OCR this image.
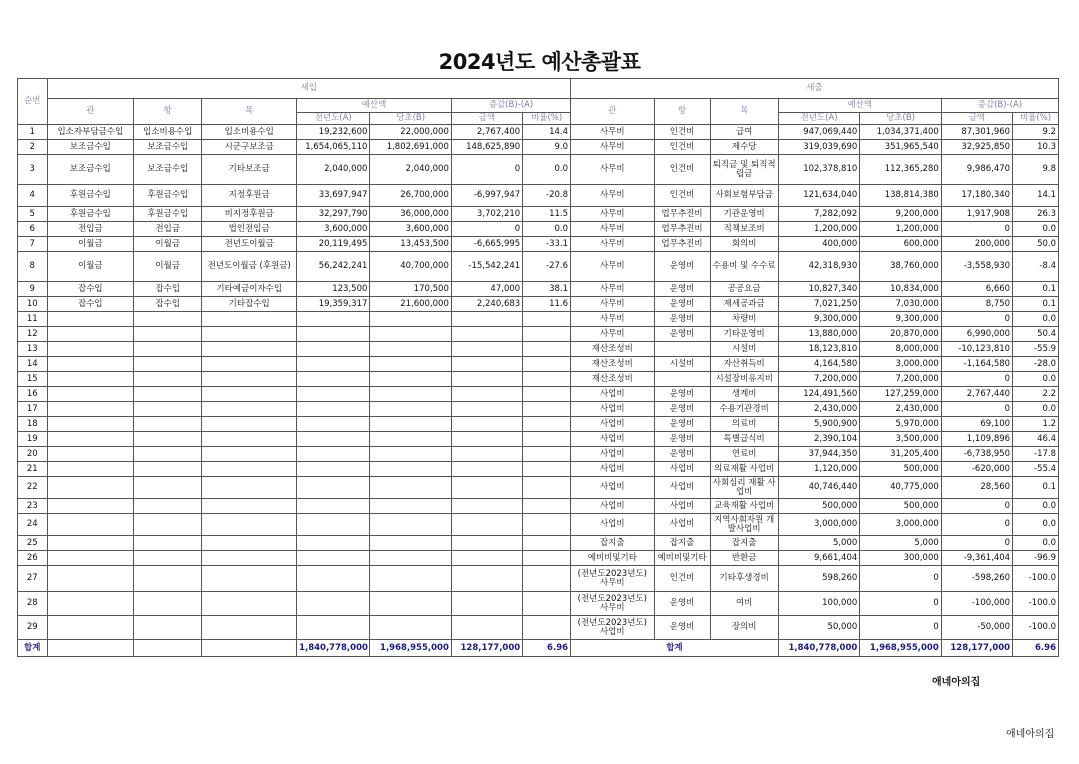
2024년도 예산총괄표
순번	세입							세출						
	관	항	목	예산액		증감(B)-(A)		관	항	목	예산액		증감(B)-(A)	
				전년도(A)	당초(B)	금액	비율(%)				전년도(A)	당초(B)	금액	비율(%)
1	입소자부담금수입	입소비용수입	입소비용수입	19,232,600	22,000,000	2,767,400	14.4	사무비	인건비	급여	947,069,440	1,034,371,400	87,301,960	9.2
2	보조금수입	보조금수입	시군구보조금	1,654,065,110	1,802,691,000	148,625,890	9.0	사무비	인건비	제수당	319,039,690	351,965,540	32,925,850	10.3
3	보조금수입	보조금수입	기타보조금	2,040,000	2,040,000	0	0.0	사무비	인건비	퇴직금 및 퇴직적립금	102,378,810	112,365,280	9,986,470	9.8
4	후원금수입	후원금수입	지정후원금	33,697,947	26,700,000	-6,997,947	-20.8	사무비	인건비	사회보험부담금	121,634,040	138,814,380	17,180,340	14.1
5	후원금수입	후원금수입	비지정후원금	32,297,790	36,000,000	3,702,210	11.5	사무비	업무추진비	기관운영비	7,282,092	9,200,000	1,917,908	26.3
6	전입금	전입금	법인전입금	3,600,000	3,600,000	0	0.0	사무비	업무추진비	직책보조비	1,200,000	1,200,000	0	0.0
7	이월금	이월금	전년도이월금	20,119,495	13,453,500	-6,665,995	-33.1	사무비	업무추진비	회의비	400,000	600,000	200,000	50.0
8	이월금	이월금	전년도이월금 (후원금)	56,242,241	40,700,000	-15,542,241	-27.6	사무비	운영비	수용비 및 수수료	42,318,930	38,760,000	-3,558,930	-8.4
9	잡수입	잡수입	기타예금이자수입	123,500	170,500	47,000	38.1	사무비	운영비	공공요금	10,827,340	10,834,000	6,660	0.1
10	잡수입	잡수입	기타잡수입	19,359,317	21,600,000	2,240,683	11.6	사무비	운영비	제세공과금	7,021,250	7,030,000	8,750	0.1
11								사무비	운영비	차량비	9,300,000	9,300,000	0	0.0
12								사무비	운영비	기타운영비	13,880,000	20,870,000	6,990,000	50.4
13								재산조성비		시설비	18,123,810	8,000,000	-10,123,810	-55.9
14								재산조성비	시설비	자산취득비	4,164,580	3,000,000	-1,164,580	-28.0
15								재산조성비		시설장비유지비	7,200,000	7,200,000	0	0.0
16								사업비	운영비	생계비	124,491,560	127,259,000	2,767,440	2.2
17								사업비	운영비	수용기관경비	2,430,000	2,430,000	0	0.0
18								사업비	운영비	의료비	5,900,900	5,970,000	69,100	1.2
19								사업비	운영비	특별급식비	2,390,104	3,500,000	1,109,896	46.4
20								사업비	운영비	연료비	37,944,350	31,205,400	-6,738,950	-17.8
21								사업비	사업비	의료재활 사업비	1,120,000	500,000	-620,000	-55.4
22								사업비	사업비	사회심리 재활 사업비	40,746,440	40,775,000	28,560	0.1
23								사업비	사업비	교육재활 사업비	500,000	500,000	0	0.0
24								사업비	사업비	지역사회자원 개발사업비	3,000,000	3,000,000	0	0.0
25								잡지출	잡지출	잡지출	5,000	5,000	0	0.0
26								예비비및기타	예비비및기타	반환금	9,661,404	300,000	-9,361,404	-96.9
27								(전년도2023년도) 사무비	인건비	기타후생경비	598,260	0	-598,260	-100.0
28								(전년도2023년도) 사무비	운영비	여비	100,000	0	-100,000	-100.0
29								(전년도2023년도) 사업비	운영비	장의비	50,000	0	-50,000	-100.0
합계				1,840,778,000	1,968,955,000	128,177,000	6.96	합계			1,840,778,000	1,968,955,000	128,177,000	6.96
애네아의집
애네아의집
